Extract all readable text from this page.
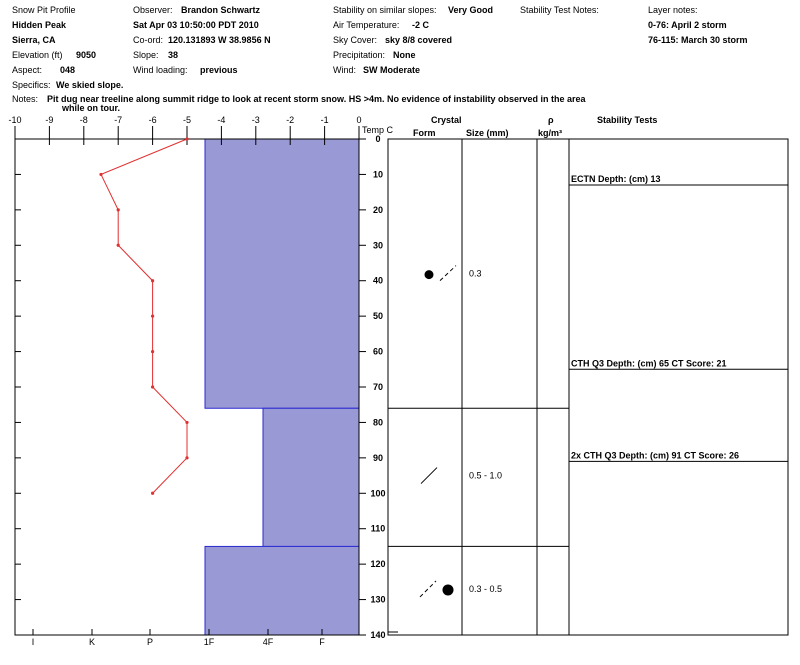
Snow Pit Profile
Hidden Peak
Sierra, CA
Elevation (ft) 9050
Aspect: 048
Specifics: We skied slope.
Observer: Brandon Schwartz
Sat Apr 03 10:50:00 PDT 2010
Co-ord: 120.131893 W 38.9856 N
Slope: 38
Wind loading: previous
Stability on similar slopes: Very Good
Air Temperature: -2 C
Sky Cover: sky 8/8 covered
Precipitation: None
Wind: SW Moderate
Stability Test Notes:	Layer notes:
0-76: April 2 storm
76-115: March 30 storm
Notes: Pit dug near treeline along summit ridge to look at recent storm snow. HS >4m. No evidence of instability observed in the area
while on tour.
-10	-9	-8	-7	-6	-5	-4	-3	-2	-1	0
0
10
20
30
40
50
60
70
80
90
100
110
120
130
140
I	K	P	1F	4F	F
0.3
0.5 - 1.0
0.3 - 0.5
ECTN Depth: (cm) 13
CTH Q3 Depth: (cm) 65 CT Score: 21
2x CTH Q3 Depth: (cm) 91 CT Score: 26
Temp C
Crystal
Form	Size (mm)
ρ
kg/m³
Stability Tests
